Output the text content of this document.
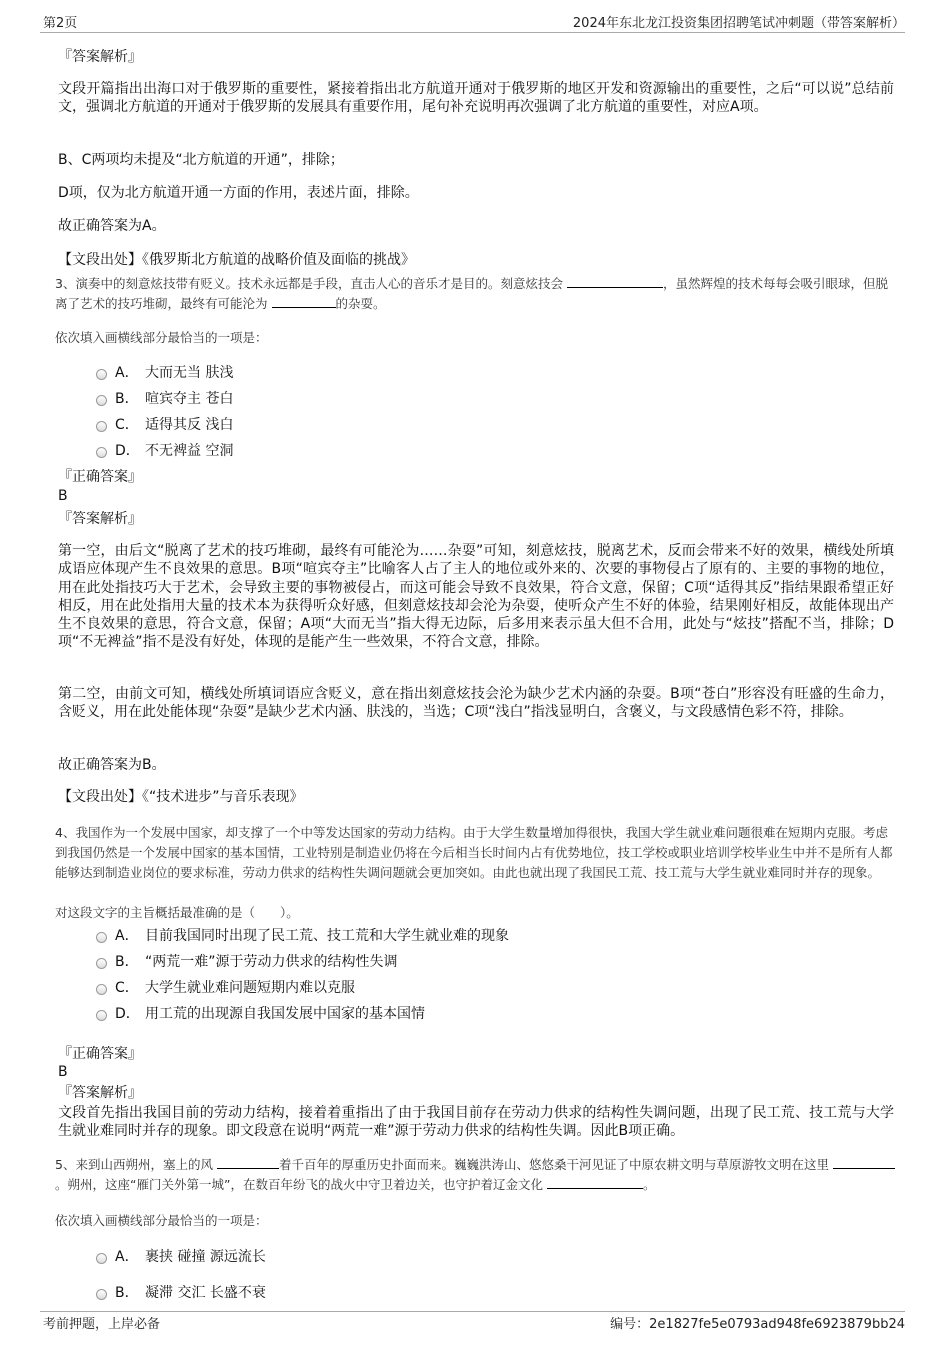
第2页	2024年东北龙江投资集团招聘笔试冲刺题（带答案解析）
『答案解析』
文段开篇指出出海口对于俄罗斯的重要性，紧接着指出北方航道开通对于俄罗斯的地区开发和资源输出的重要性，之后“可以说”总结前文，强调北方航道的开通对于俄罗斯的发展具有重要作用，尾句补充说明再次强调了北方航道的重要性，对应A项。
B、C两项均未提及“北方航道的开通”，排除；
D项，仅为北方航道开通一方面的作用，表述片面，排除。
故正确答案为A。
【文段出处】《俄罗斯北方航道的战略价值及面临的挑战》
3、演奏中的刻意炫技带有贬义。技术永远都是手段，直击人心的音乐才是目的。刻意炫技会	，虽然辉煌的技术每每会吸引眼球，但脱离了艺术的技巧堆砌，最终有可能沦为	的杂耍。
依次填入画横线部分最恰当的一项是：
A． 大而无当 肤浅
B． 喧宾夺主 苍白
C． 适得其反 浅白
D． 不无裨益 空洞
『正确答案』
B
『答案解析』
第一空，由后文“脱离了艺术的技巧堆砌，最终有可能沦为……杂耍”可知，刻意炫技，脱离艺术，反而会带来不好的效果，横线处所填成语应体现产生不良效果的意思。B项“喧宾夺主”比喻客人占了主人的地位或外来的、次要的事物侵占了原有的、主要的事物的地位，用在此处指技巧大于艺术，会导致主要的事物被侵占，而这可能会导致不良效果，符合文意，保留；C项“适得其反”指结果跟希望正好相反，用在此处指用大量的技术本为获得听众好感，但刻意炫技却会沦为杂耍，使听众产生不好的体验，结果刚好相反，故能体现出产生不良效果的意思，符合文意，保留；A项“大而无当”指大得无边际，后多用来表示虽大但不合用，此处与“炫技”搭配不当，排除；D项“不无裨益”指不是没有好处，体现的是能产生一些效果，不符合文意，排除。
第二空，由前文可知，横线处所填词语应含贬义，意在指出刻意炫技会沦为缺少艺术内涵的杂耍。B项“苍白”形容没有旺盛的生命力，含贬义，用在此处能体现“杂耍”是缺少艺术内涵、肤浅的，当选；C项“浅白”指浅显明白，含褒义，与文段感情色彩不符，排除。
故正确答案为B。
【文段出处】《“技术进步”与音乐表现》
4、我国作为一个发展中国家，却支撑了一个中等发达国家的劳动力结构。由于大学生数量增加得很快，我国大学生就业难问题很难在短期内克服。考虑到我国仍然是一个发展中国家的基本国情，工业特别是制造业仍将在今后相当长时间内占有优势地位，技工学校或职业培训学校毕业生中并不是所有人都能够达到制造业岗位的要求标准，劳动力供求的结构性失调问题就会更加突如。由此也就出现了我国民工荒、技工荒与大学生就业难同时并存的现象。
对这段文字的主旨概括最准确的是（　　）。
A． 目前我国同时出现了民工荒、技工荒和大学生就业难的现象
B． “两荒一难”源于劳动力供求的结构性失调
C． 大学生就业难问题短期内难以克服
D． 用工荒的出现源自我国发展中国家的基本国情
『正确答案』
B
『答案解析』
文段首先指出我国目前的劳动力结构，接着着重指出了由于我国目前存在劳动力供求的结构性失调问题，出现了民工荒、技工荒与大学生就业难同时并存的现象。即文段意在说明“两荒一难”源于劳动力供求的结构性失调。因此B项正确。
5、来到山西朔州，塞上的风	着千百年的厚重历史扑面而来。巍巍洪涛山、悠悠桑干河见证了中原农耕文明与草原游牧文明在这里 。朔州，这座“雁门关外第一城”，在数百年纷飞的战火中守卫着边关，也守护着辽金文化	。
依次填入画横线部分最恰当的一项是：
A． 裹挟 碰撞 源远流长
B． 凝滞 交汇 长盛不衰
考前押题，上岸必备	编号：2e1827fe5e0793ad948fe6923879bb24
